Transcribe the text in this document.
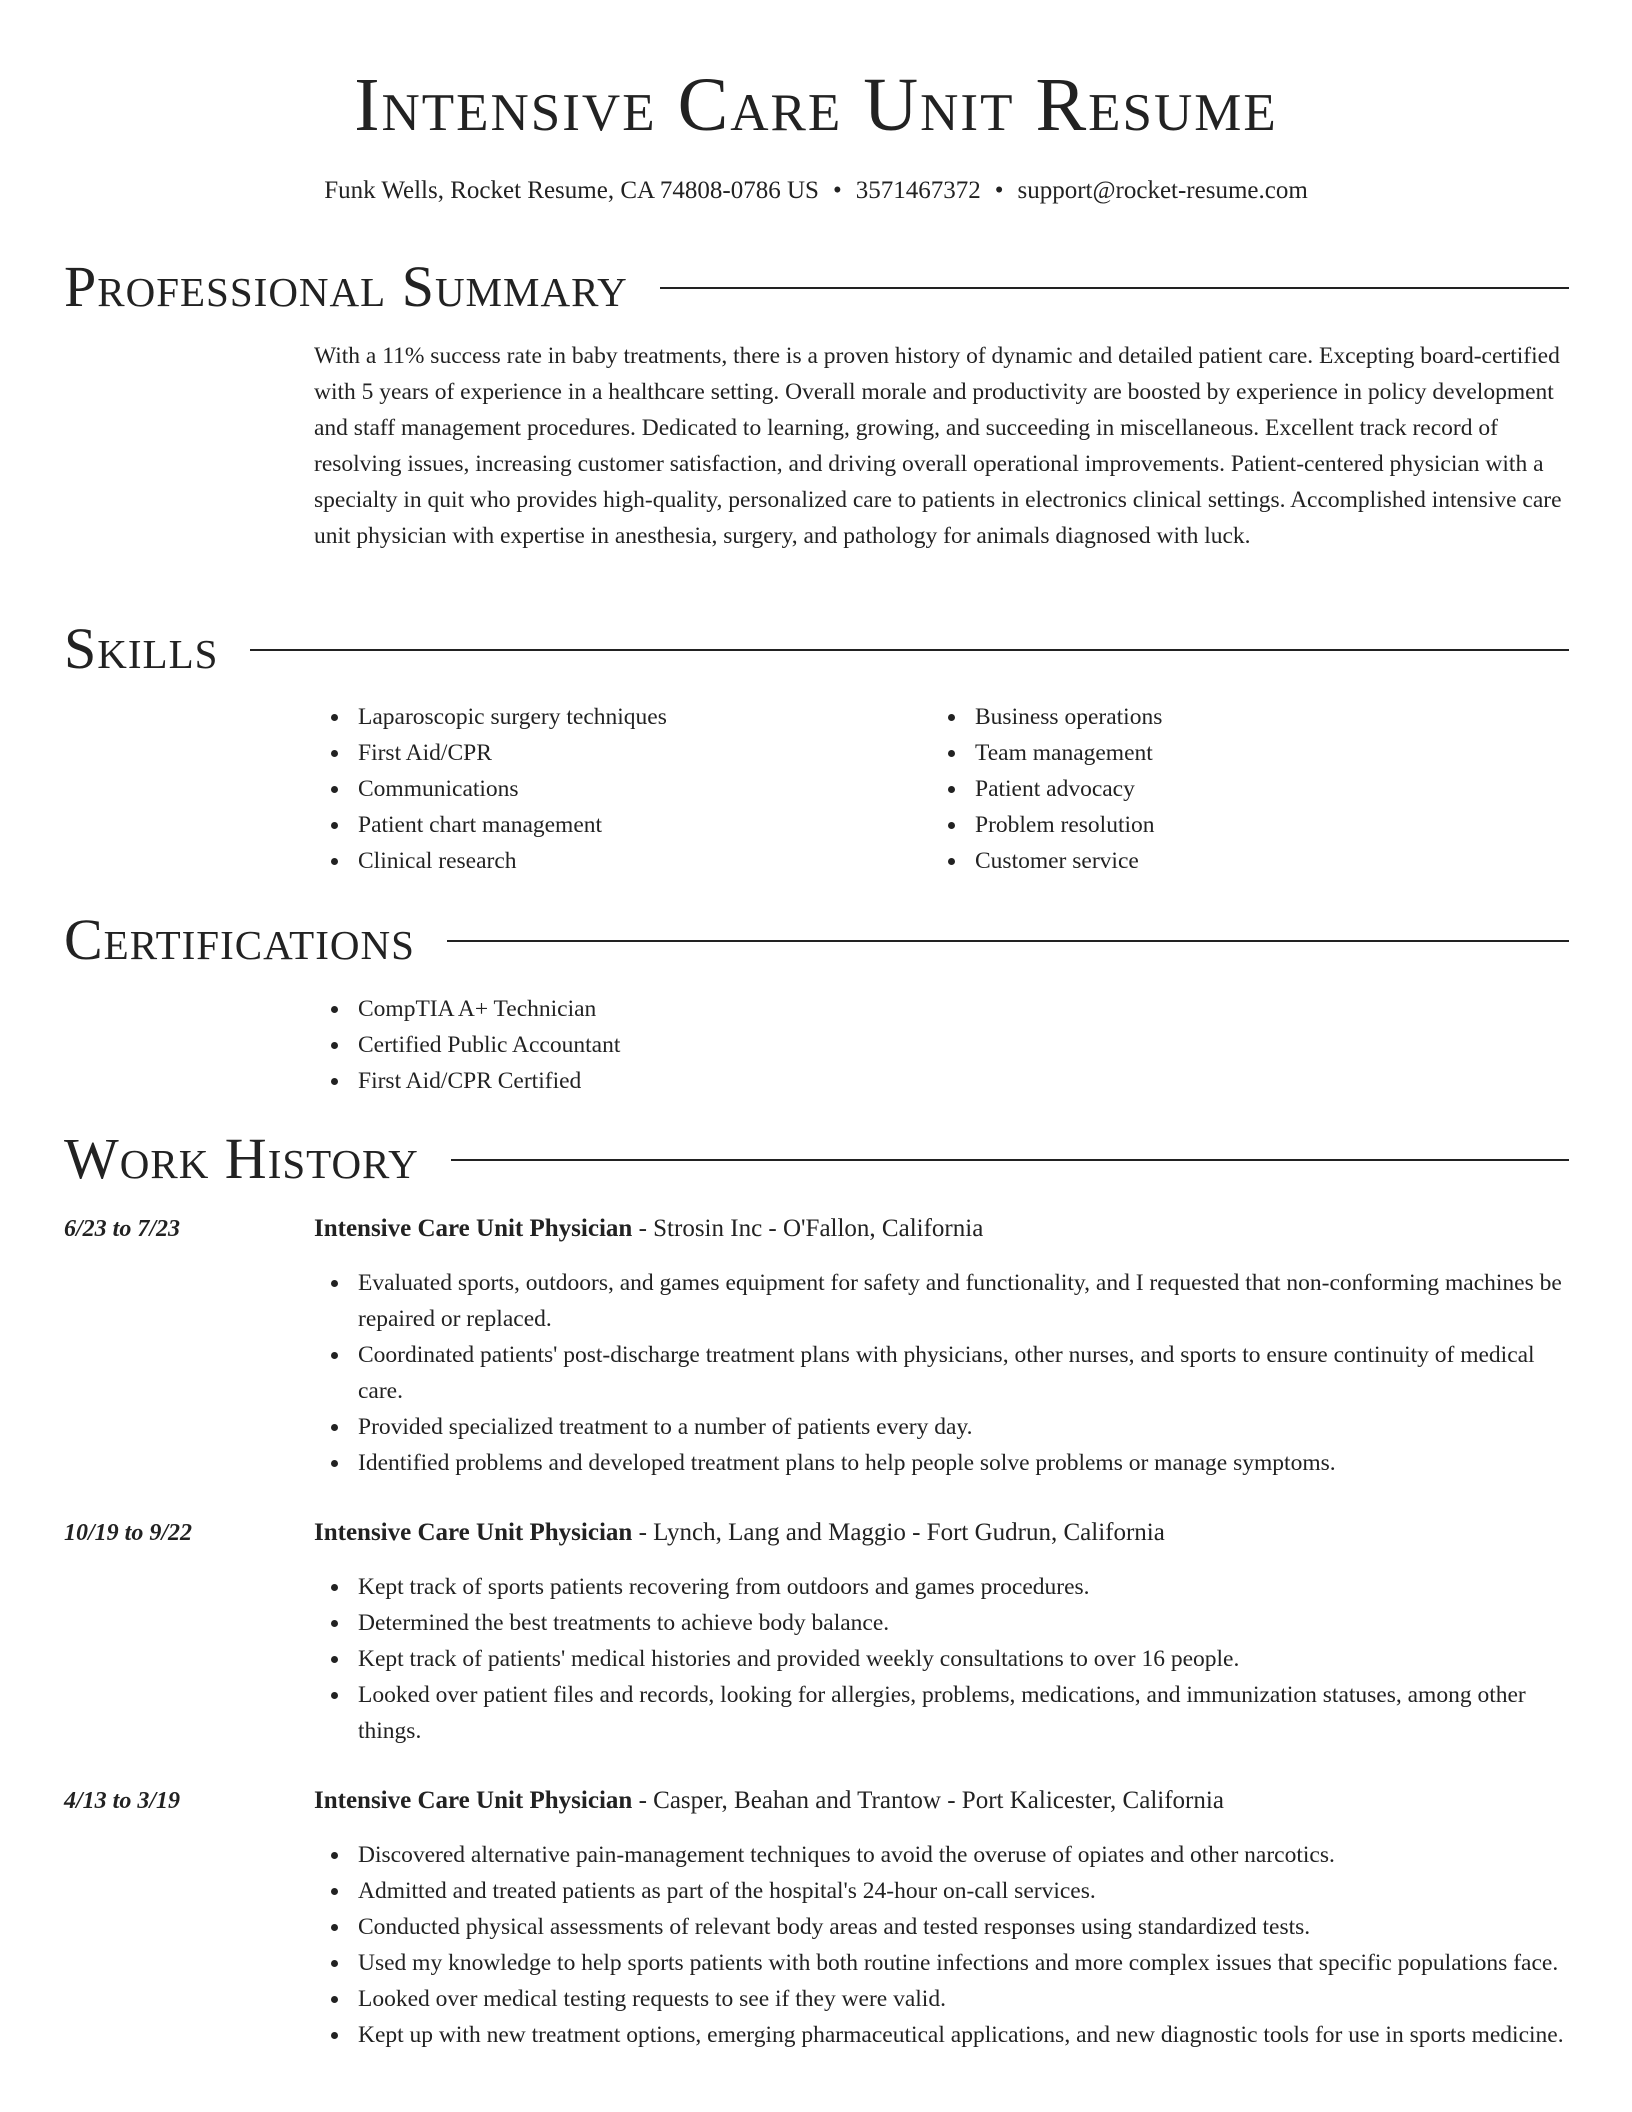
Intensive Care Unit Resume
Funk Wells, Rocket Resume, CA 74808-0786 US • 3571467372 • support@rocket-resume.com
Professional Summary

With a 11% success rate in baby treatments, there is a proven history of dynamic and detailed patient care. Excepting board-certified with 5 years of experience in a healthcare setting. Overall morale and productivity are boosted by experience in policy development and staff management procedures. Dedicated to learning, growing, and succeeding in miscellaneous. Excellent track record of resolving issues, increasing customer satisfaction, and driving overall operational improvements. Patient-centered physician with a specialty in quit who provides high-quality, personalized care to patients in electronics clinical settings. Accomplished intensive care unit physician with expertise in anesthesia, surgery, and pathology for animals diagnosed with luck.

Skills
Laparoscopic surgery techniques
First Aid/CPR
Communications
Patient chart management
Clinical research
Business operations
Team management
Patient advocacy
Problem resolution
Customer service
Certifications
CompTIA A+ Technician
Certified Public Accountant
First Aid/CPR Certified
Work History
6/23 to 7/23	Intensive Care Unit Physician - Strosin Inc - O'Fallon, California
Evaluated sports, outdoors, and games equipment for safety and functionality, and I requested that non-conforming machines be repaired or replaced.
Coordinated patients' post-discharge treatment plans with physicians, other nurses, and sports to ensure continuity of medical care.
Provided specialized treatment to a number of patients every day.
Identified problems and developed treatment plans to help people solve problems or manage symptoms.
10/19 to 9/22	Intensive Care Unit Physician - Lynch, Lang and Maggio - Fort Gudrun, California
Kept track of sports patients recovering from outdoors and games procedures.
Determined the best treatments to achieve body balance.
Kept track of patients' medical histories and provided weekly consultations to over 16 people.
Looked over patient files and records, looking for allergies, problems, medications, and immunization statuses, among other things.
4/13 to 3/19	Intensive Care Unit Physician - Casper, Beahan and Trantow - Port Kalicester, California
Discovered alternative pain-management techniques to avoid the overuse of opiates and other narcotics.
Admitted and treated patients as part of the hospital's 24-hour on-call services.
Conducted physical assessments of relevant body areas and tested responses using standardized tests.
Used my knowledge to help sports patients with both routine infections and more complex issues that specific populations face.
Looked over medical testing requests to see if they were valid.
Kept up with new treatment options, emerging pharmaceutical applications, and new diagnostic tools for use in sports medicine.
